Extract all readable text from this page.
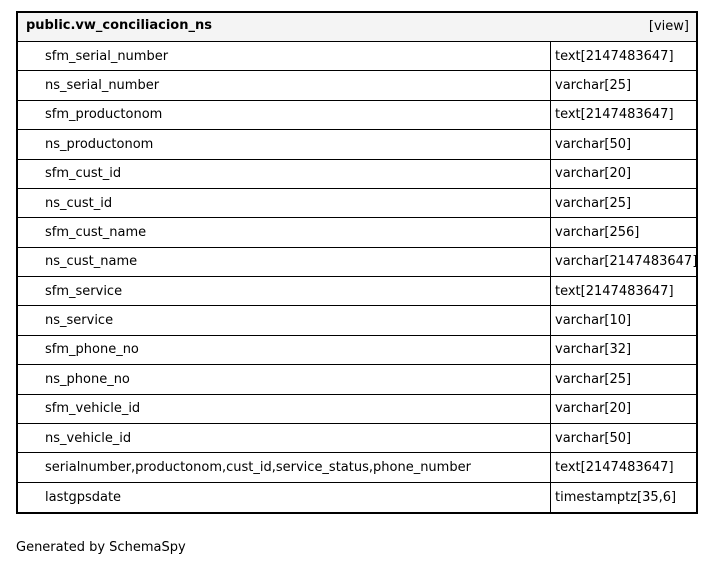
public.vw_conciliacion_ns	[view]
sfm_serial_number	text[2147483647]
ns_serial_number	varchar[25]
sfm_productonom	text[2147483647]
ns_productonom	varchar[50]
sfm_cust_id	varchar[20]
ns_cust_id	varchar[25]
sfm_cust_name	varchar[256]
ns_cust_name	varchar[2147483647]
sfm_service	text[2147483647]
ns_service	varchar[10]
sfm_phone_no	varchar[32]
ns_phone_no	varchar[25]
sfm_vehicle_id	varchar[20]
ns_vehicle_id	varchar[50]
serialnumber,productonom,cust_id,service_status,phone_number	text[2147483647]
lastgpsdate	timestamptz[35,6]
Generated by SchemaSpy
